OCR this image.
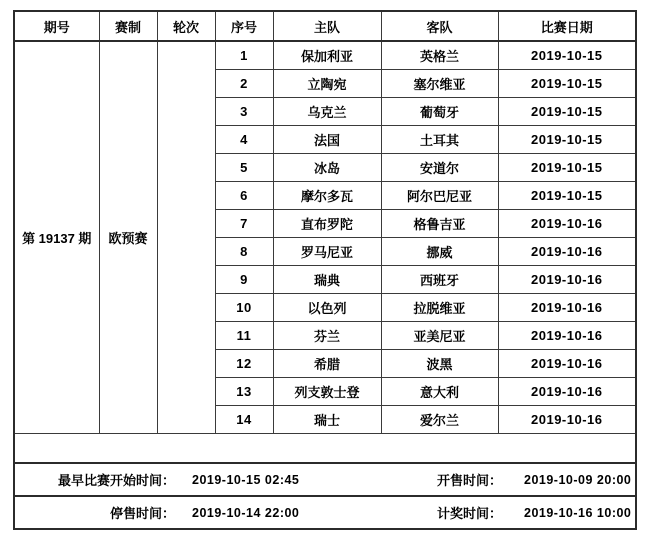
期号	赛制	轮次	序号	主队	客队	比赛日期
第 19137 期	欧预赛		1	保加利亚	英格兰	2019-10-15
			2	立陶宛	塞尔维亚	2019-10-15
			3	乌克兰	葡萄牙	2019-10-15
			4	法国	土耳其	2019-10-15
			5	冰岛	安道尔	2019-10-15
			6	摩尔多瓦	阿尔巴尼亚	2019-10-15
			7	直布罗陀	格鲁吉亚	2019-10-16
			8	罗马尼亚	挪威	2019-10-16
			9	瑞典	西班牙	2019-10-16
			10	以色列	拉脱维亚	2019-10-16
			11	芬兰	亚美尼亚	2019-10-16
			12	希腊	波黑	2019-10-16
			13	列支敦士登	意大利	2019-10-16
			14	瑞士	爱尔兰	2019-10-16

最早比赛开始时间： 2019-10-15 02:45 开售时间： 2019-10-09 20:00						

停售时间： 2019-10-14 22:00 计奖时间： 2019-10-16 10:00						
